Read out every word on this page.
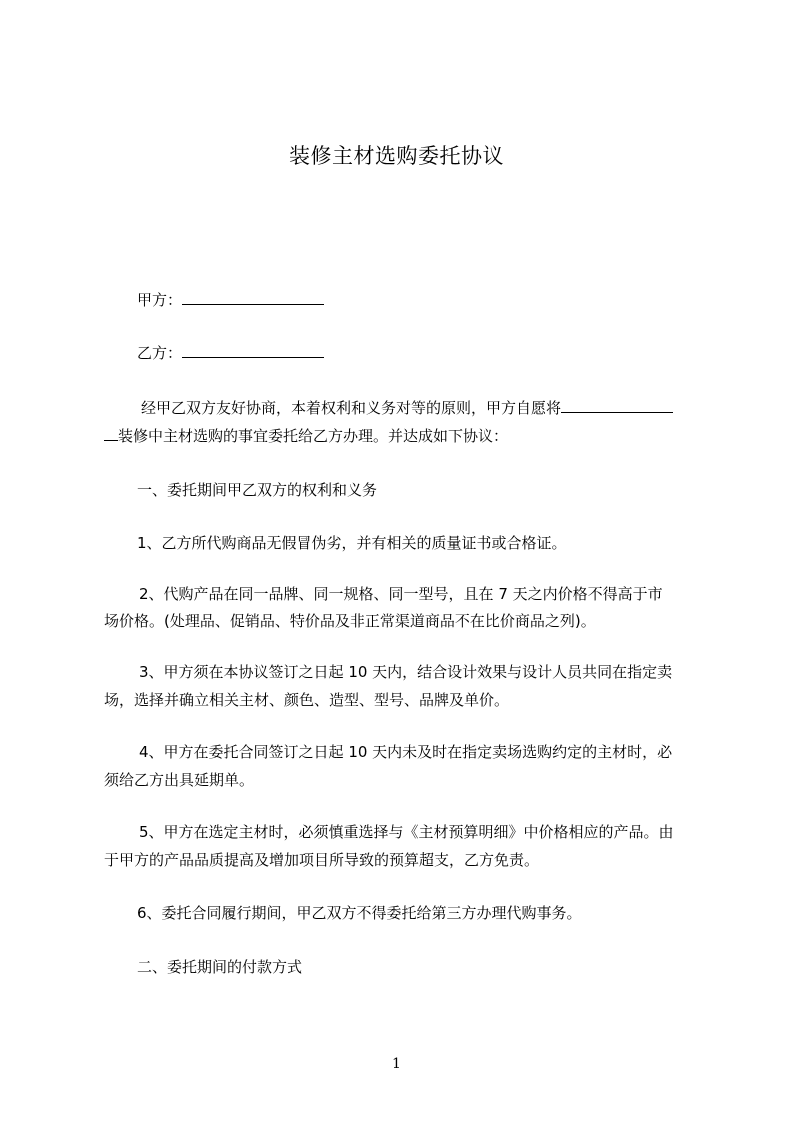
装修主材选购委托协议
甲方：
乙方：
经甲乙双方友好协商，本着权利和义务对等的原则，甲方自愿将
装修中主材选购的事宜委托给乙方办理。并达成如下协议：
一、委托期间甲乙双方的权利和义务
1、乙方所代购商品无假冒伪劣，并有相关的质量证书或合格证。
2、代购产品在同一品牌、同一规格、同一型号，且在 7 天之内价格不得高于市
场价格。(处理品、促销品、特价品及非正常渠道商品不在比价商品之列)。
3、甲方须在本协议签订之日起 10 天内，结合设计效果与设计人员共同在指定卖
场，选择并确立相关主材、颜色、造型、型号、品牌及单价。
4、甲方在委托合同签订之日起 10 天内未及时在指定卖场选购约定的主材时，必
须给乙方出具延期单。
5、甲方在选定主材时，必须慎重选择与《主材预算明细》中价格相应的产品。由
于甲方的产品品质提高及增加项目所导致的预算超支，乙方免责。
6、委托合同履行期间，甲乙双方不得委托给第三方办理代购事务。
二、委托期间的付款方式
1
